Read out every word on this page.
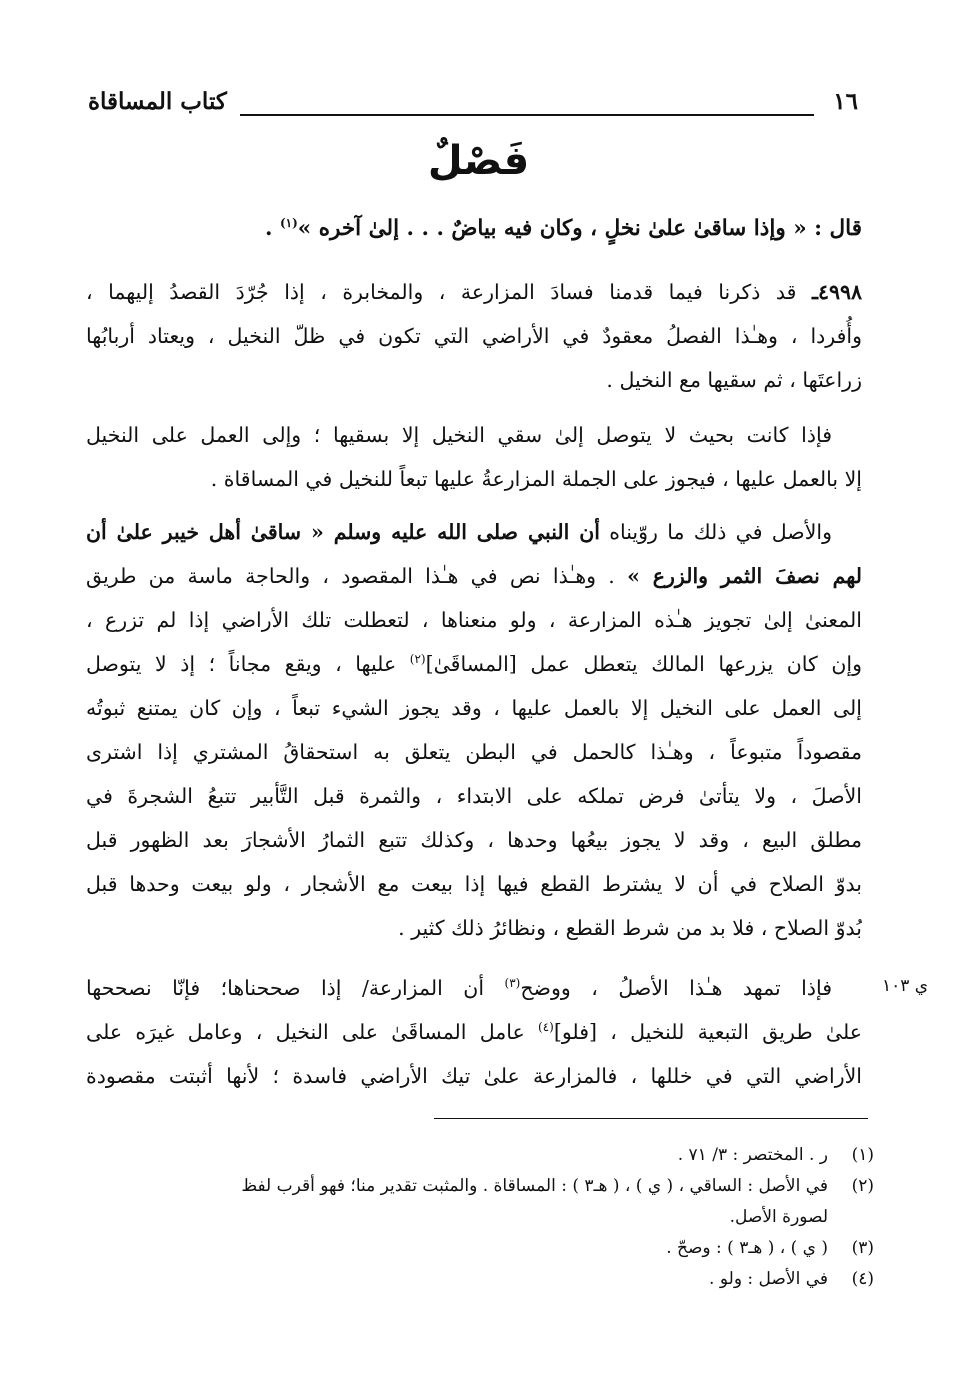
١٦
كتاب المساقاة
فَصْلٌ
قال : « وإذا ساقىٰ علىٰ نخلٍ ، وكان فيه بياضٌ . . . إلىٰ آخره »$^{(١)}$ .
٤٩٩٨ـ قد ذكرنا فيما قدمنا فسادَ المزارعة ، والمخابرة ، إذا جُرّدَ القصدُ إليهما ،
وأُفردا ، وهـٰذا الفصلُ معقودٌ في الأراضي التي تكون في ظلّ النخيل ، ويعتاد أربابُها
زراعتَها ، ثم سقيها مع النخيل .
فإذا كانت بحيث لا يتوصل إلىٰ سقي النخيل إلا بسقيها ؛ وإلى العمل على النخيل
إلا بالعمل عليها ، فيجوز على الجملة المزارعةُ عليها تبعاً للنخيل في المساقاة .
والأصل في ذلك ما روّيناه أن النبي صلى الله عليه وسلم « ساقىٰ أهل خيبر علىٰ أن
لهم نصفَ الثمر والزرع » . وهـٰذا نص في هـٰذا المقصود ، والحاجة ماسة من طريق
المعنىٰ إلىٰ تجويز هـٰذه المزارعة ، ولو منعناها ، لتعطلت تلك الأراضي إذا لم تزرع ،
وإن كان يزرعها المالك يتعطل عمل [المساقَىٰ]$^{(٢)}$ عليها ، ويقع مجاناً ؛ إذ لا يتوصل
إلى العمل على النخيل إلا بالعمل عليها ، وقد يجوز الشيء تبعاً ، وإن كان يمتنع ثبوتُه
مقصوداً متبوعاً ، وهـٰذا كالحمل في البطن يتعلق به استحقاقُ المشتري إذا اشترى
الأصلَ ، ولا يتأتىٰ فرض تملكه على الابتداء ، والثمرة قبل التَّأبير تتبعُ الشجرةَ في
مطلق البيع ، وقد لا يجوز بيعُها وحدها ، وكذلك تتبع الثمارُ الأشجارَ بعد الظهور قبل
بدوّ الصلاح في أن لا يشترط القطع فيها إذا بيعت مع الأشجار ، ولو بيعت وحدها قبل
بُدوّ الصلاح ، فلا بد من شرط القطع ، ونظائرُ ذلك كثير .
فإذا تمهد هـٰذا الأصلُ ، ووضح$^{(٣)}$ أن المزارعة/ إذا صححناها؛ فإنّا نصححها
علىٰ طريق التبعية للنخيل ، [فلو]$^{(٤)}$ عامل المساقَىٰ على النخيل ، وعامل غيرَه على
الأراضي التي في خللها ، فالمزارعة علىٰ تيك الأراضي فاسدة ؛ لأنها أثبتت مقصودة
ي ١٠٣
(١)ر . المختصر : ٣/ ٧١ .
(٢)في الأصل : الساقي ، ( ي ) ، ( هـ٣ ) : المساقاة . والمثبت تقدير منا؛ فهو أقرب لفظ
لصورة الأصل.
(٣)( ي ) ، ( هـ٣ ) : وصحّ .
(٤)في الأصل : ولو .
